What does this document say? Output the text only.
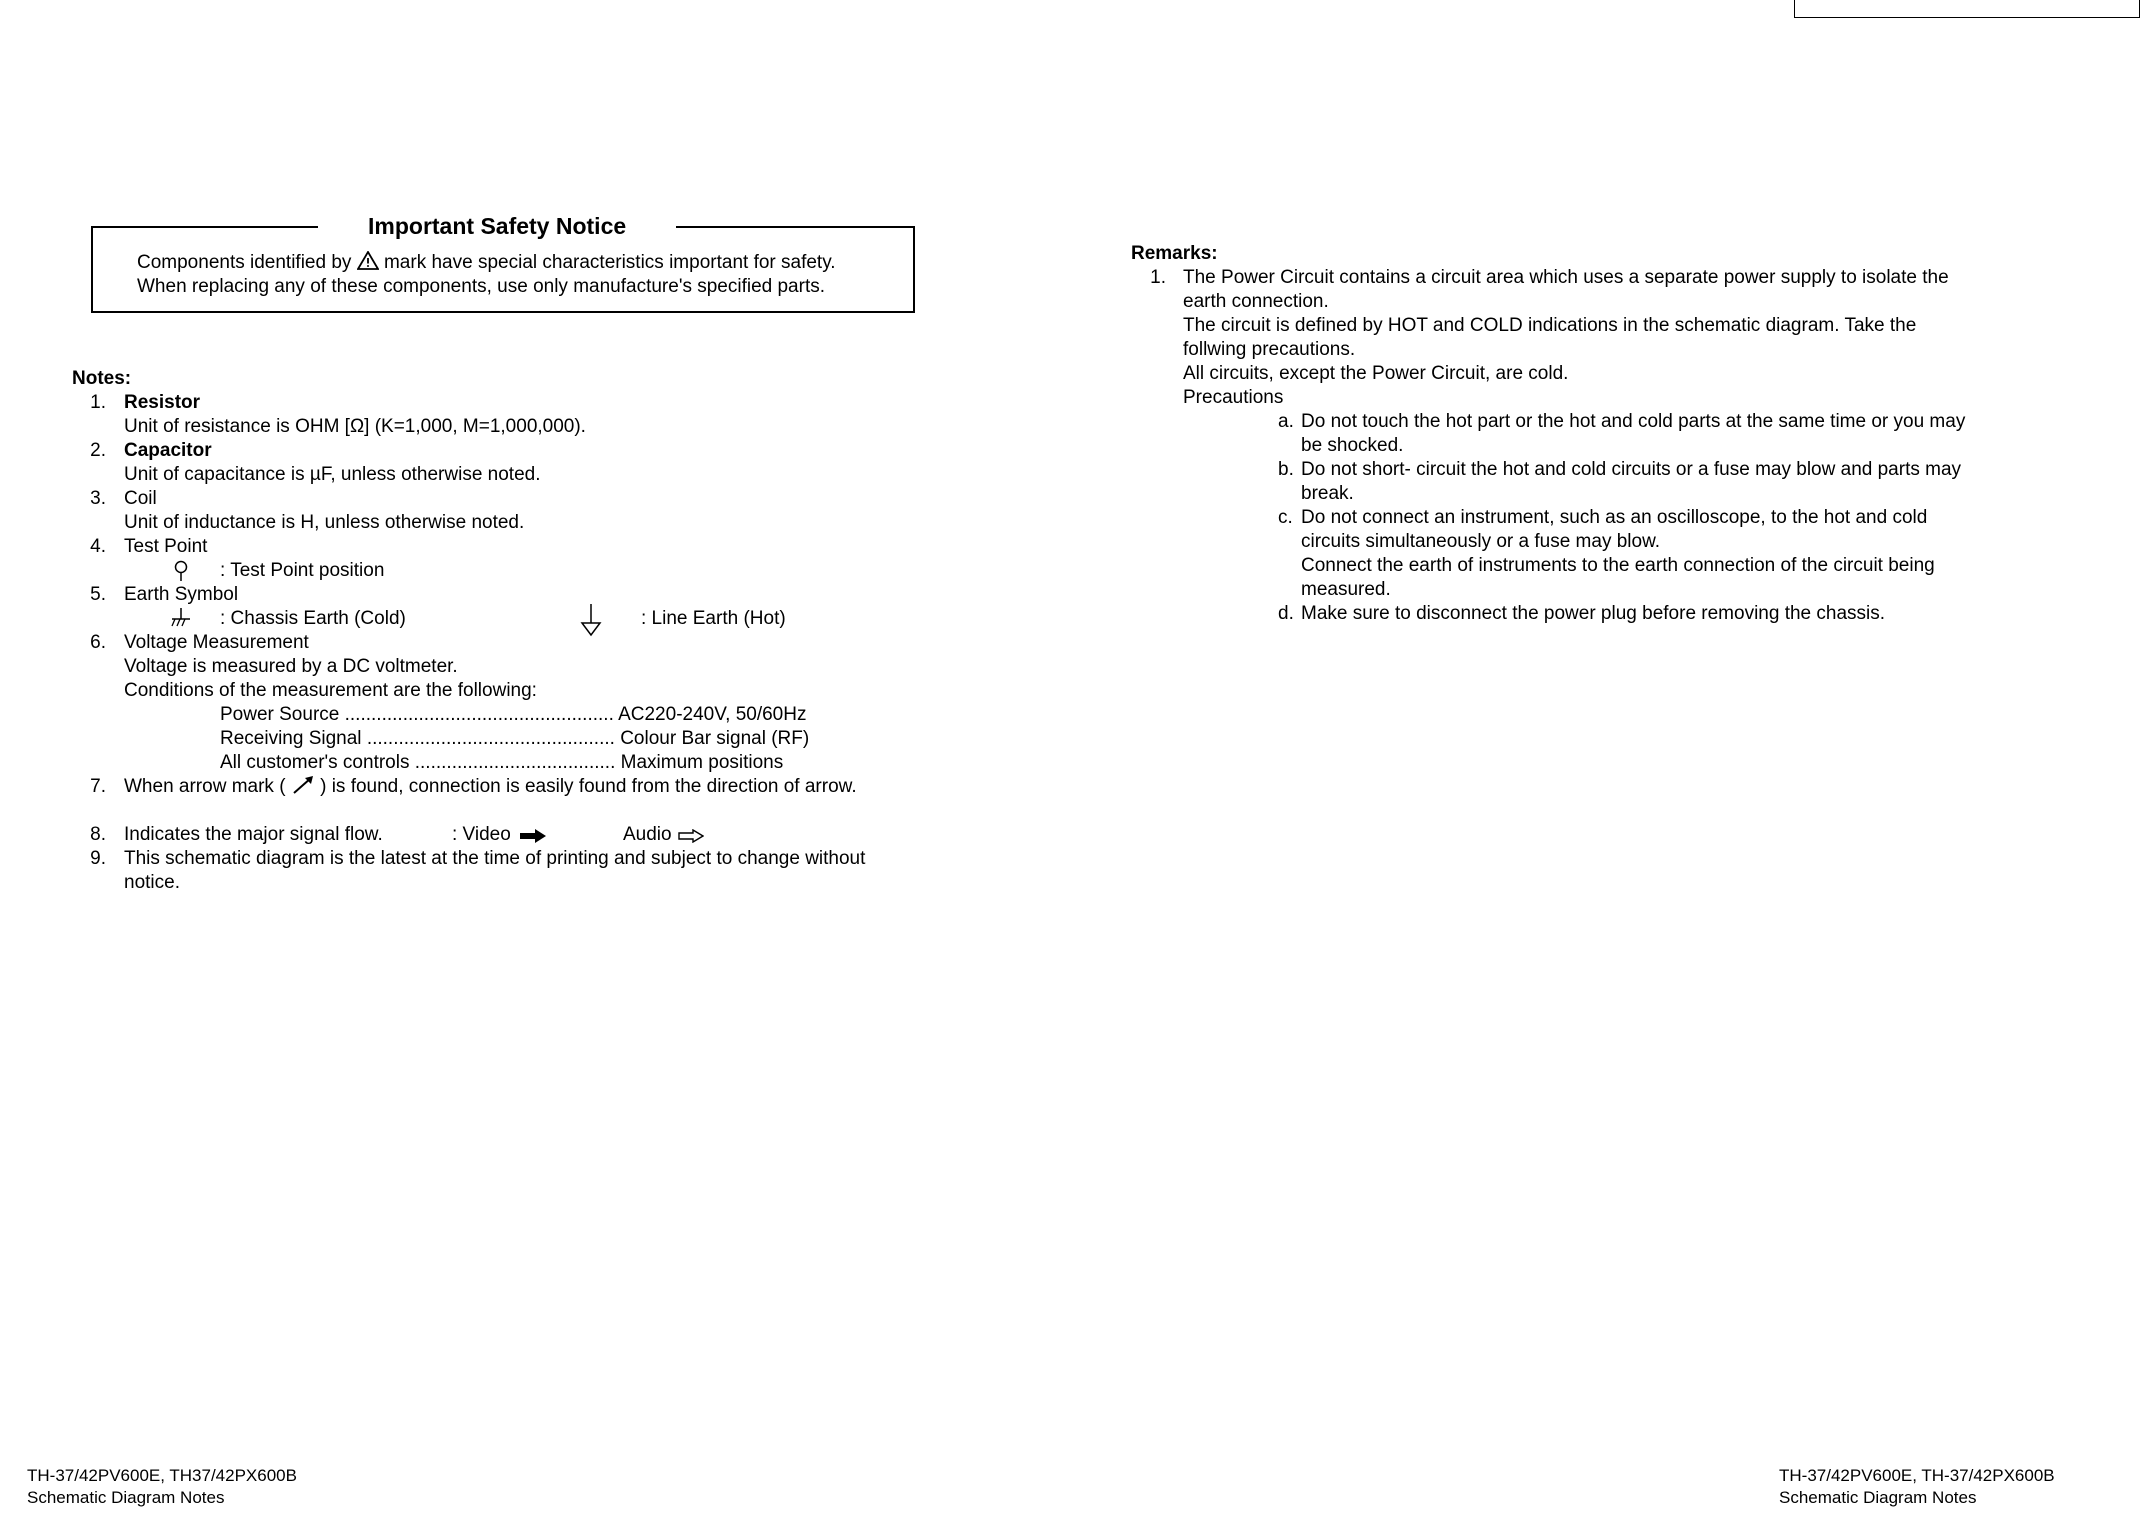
Important Safety Notice
Components identified by mark have special characteristics important for safety.
When replacing any of these components, use only manufacture's specified parts.
Notes:
1. Resistor
Unit of resistance is OHM [Ω] (K=1,000, M=1,000,000).
2. Capacitor
Unit of capacitance is µF, unless otherwise noted.
3. Coil
Unit of inductance is H, unless otherwise noted.
4. Test Point
: Test Point position
5. Earth Symbol
: Chassis Earth (Cold)	: Line Earth (Hot)
6. Voltage Measurement
Voltage is measured by a DC voltmeter.
Conditions of the measurement are the following:
Power Source ................................................... AC220-240V, 50/60Hz
Receiving Signal ............................................... Colour Bar signal (RF)
All customer's controls ...................................... Maximum positions
7. When arrow mark ( ) is found, connection is easily found from the direction of arrow.
8. Indicates the major signal flow.	: Video	Audio
9. This schematic diagram is the latest at the time of printing and subject to change without
notice.
Remarks:
1. The Power Circuit contains a circuit area which uses a separate power supply to isolate the
earth connection.
The circuit is defined by HOT and COLD indications in the schematic diagram. Take the
follwing precautions.
All circuits, except the Power Circuit, are cold.
Precautions
a. Do not touch the hot part or the hot and cold parts at the same time or you may
be shocked.
b. Do not short- circuit the hot and cold circuits or a fuse may blow and parts may
break.
c. Do not connect an instrument, such as an oscilloscope, to the hot and cold
circuits simultaneously or a fuse may blow.
Connect the earth of instruments to the earth connection of the circuit being
measured.
d. Make sure to disconnect the power plug before removing the chassis.
TH-37/42PV600E, TH37/42PX600B
Schematic Diagram Notes
TH-37/42PV600E, TH-37/42PX600B
Schematic Diagram Notes
